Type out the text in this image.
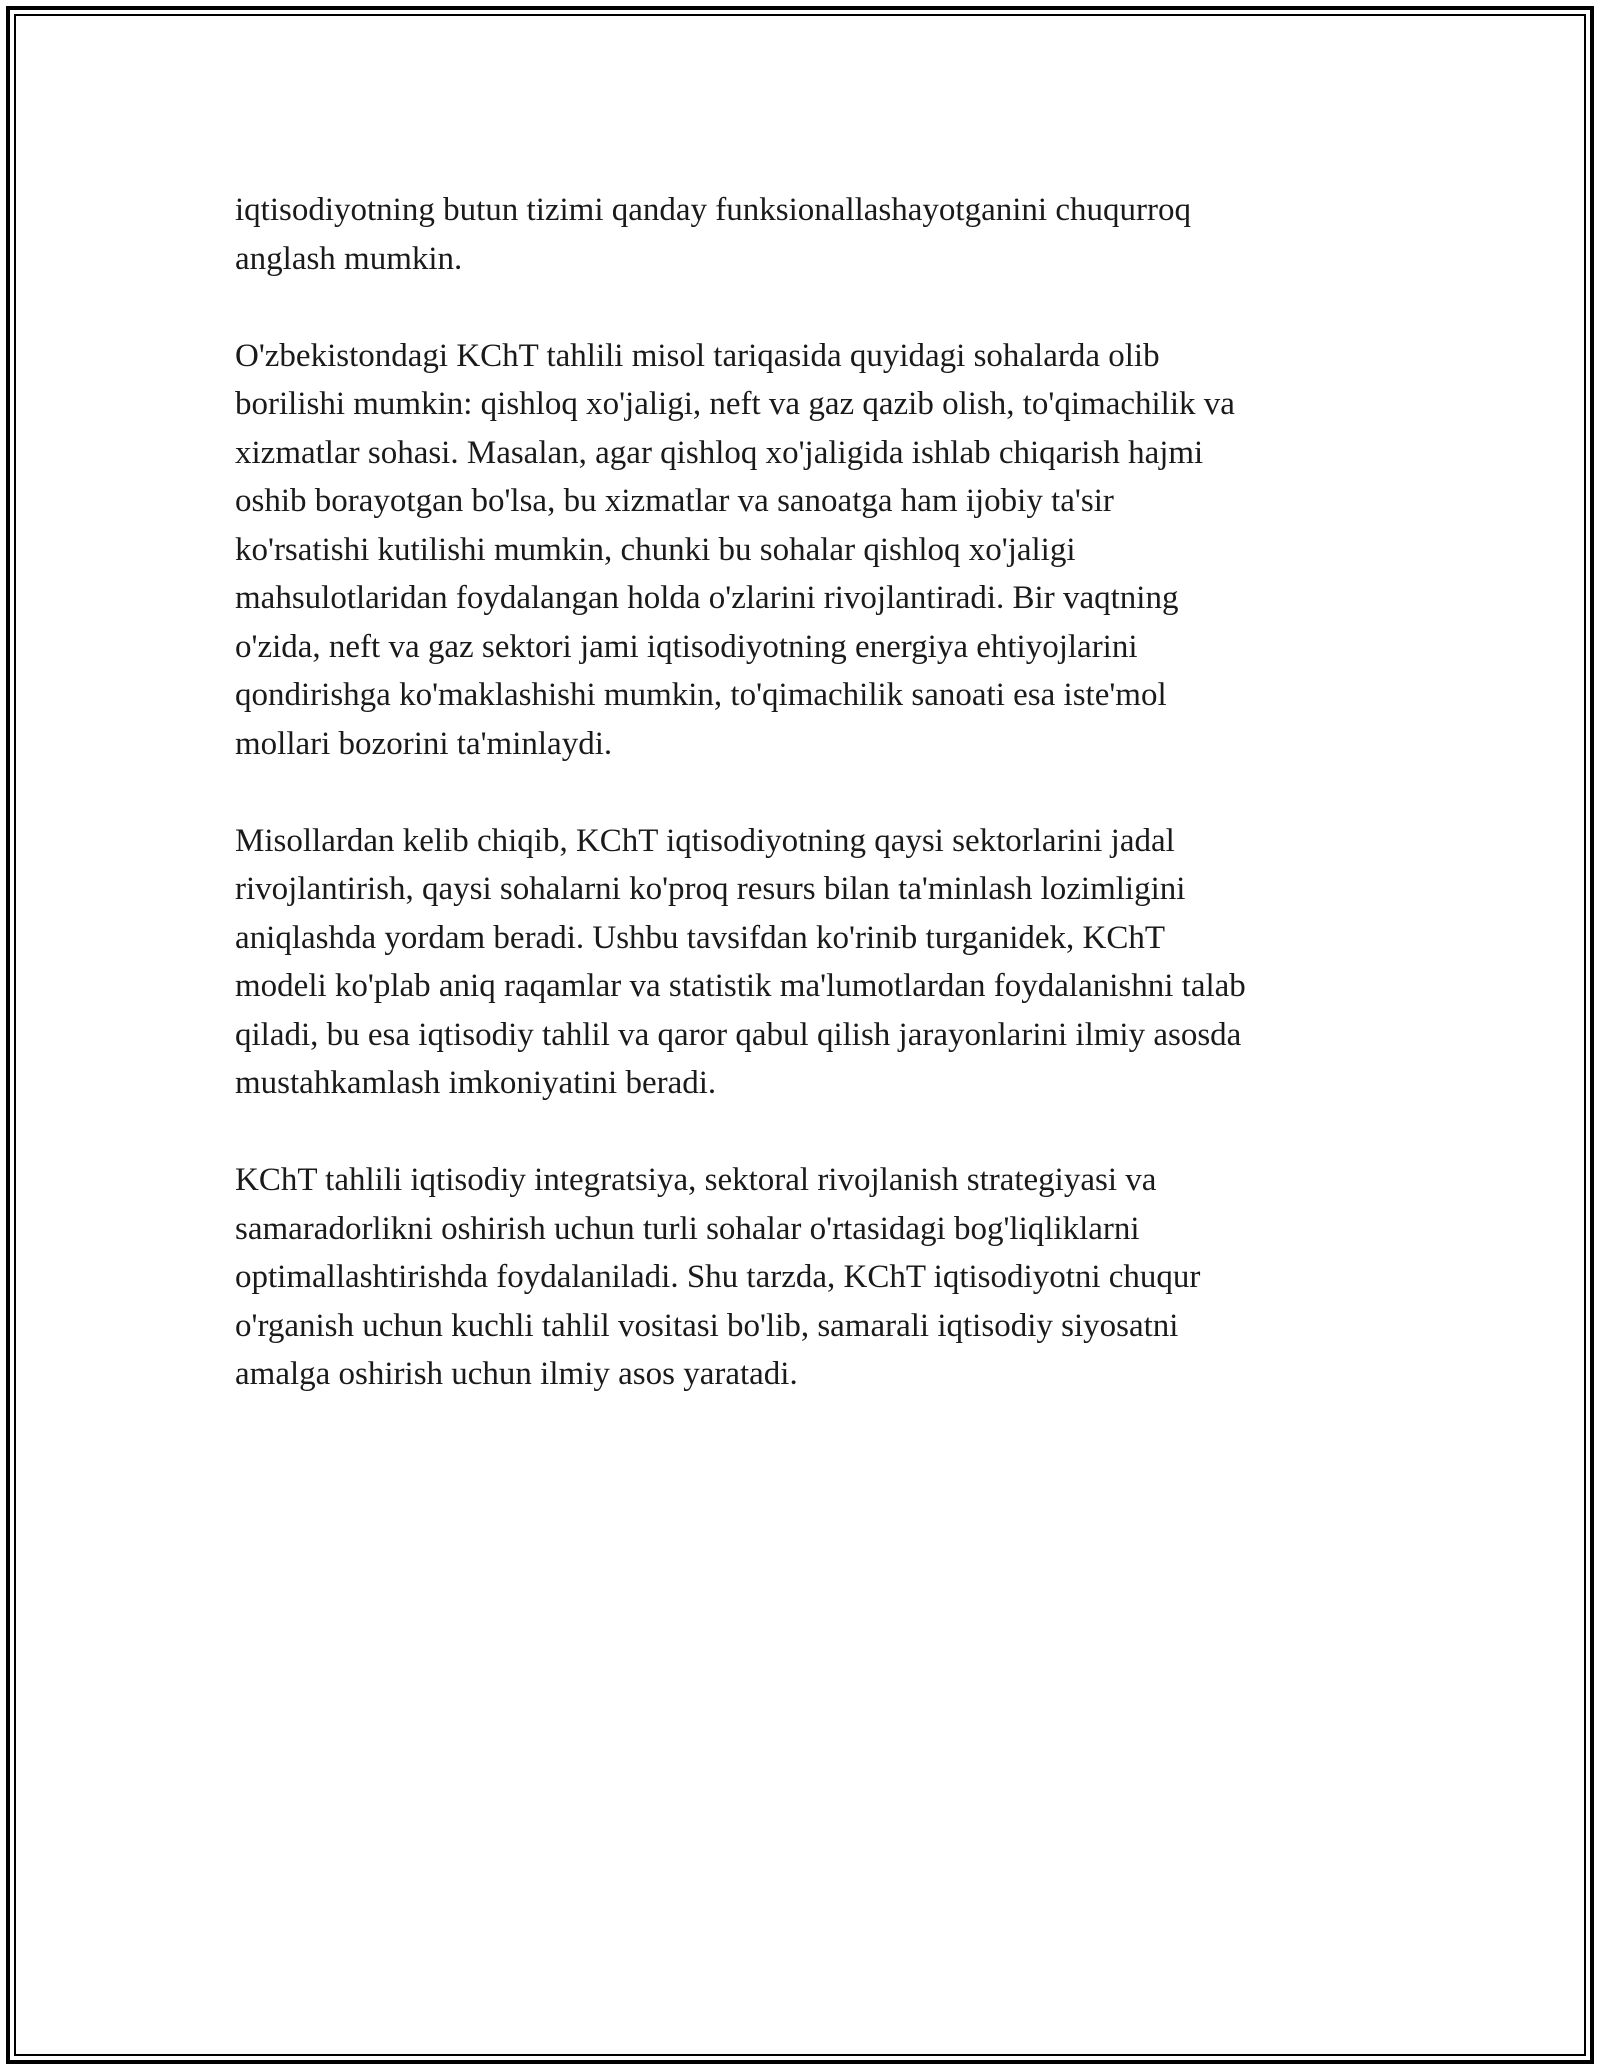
iqtisodiyotning butun tizimi qanday funksionallashayotganini chuqurroq
anglash mumkin.

O'zbekistondagi KChT tahlili misol tariqasida quyidagi sohalarda olib
borilishi mumkin: qishloq xo'jaligi, neft va gaz qazib olish, to'qimachilik va
xizmatlar sohasi. Masalan, agar qishloq xo'jaligida ishlab chiqarish hajmi
oshib borayotgan bo'lsa, bu xizmatlar va sanoatga ham ijobiy ta'sir
ko'rsatishi kutilishi mumkin, chunki bu sohalar qishloq xo'jaligi
mahsulotlaridan foydalangan holda o'zlarini rivojlantiradi. Bir vaqtning
o'zida, neft va gaz sektori jami iqtisodiyotning energiya ehtiyojlarini
qondirishga ko'maklashishi mumkin, to'qimachilik sanoati esa iste'mol
mollari bozorini ta'minlaydi.

Misollardan kelib chiqib, KChT iqtisodiyotning qaysi sektorlarini jadal
rivojlantirish, qaysi sohalarni ko'proq resurs bilan ta'minlash lozimligini
aniqlashda yordam beradi. Ushbu tavsifdan ko'rinib turganidek, KChT
modeli ko'plab aniq raqamlar va statistik ma'lumotlardan foydalanishni talab
qiladi, bu esa iqtisodiy tahlil va qaror qabul qilish jarayonlarini ilmiy asosda
mustahkamlash imkoniyatini beradi.

KChT tahlili iqtisodiy integratsiya, sektoral rivojlanish strategiyasi va
samaradorlikni oshirish uchun turli sohalar o'rtasidagi bog'liqliklarni
optimallashtirishda foydalaniladi. Shu tarzda, KChT iqtisodiyotni chuqur
o'rganish uchun kuchli tahlil vositasi bo'lib, samarali iqtisodiy siyosatni
amalga oshirish uchun ilmiy asos yaratadi.
